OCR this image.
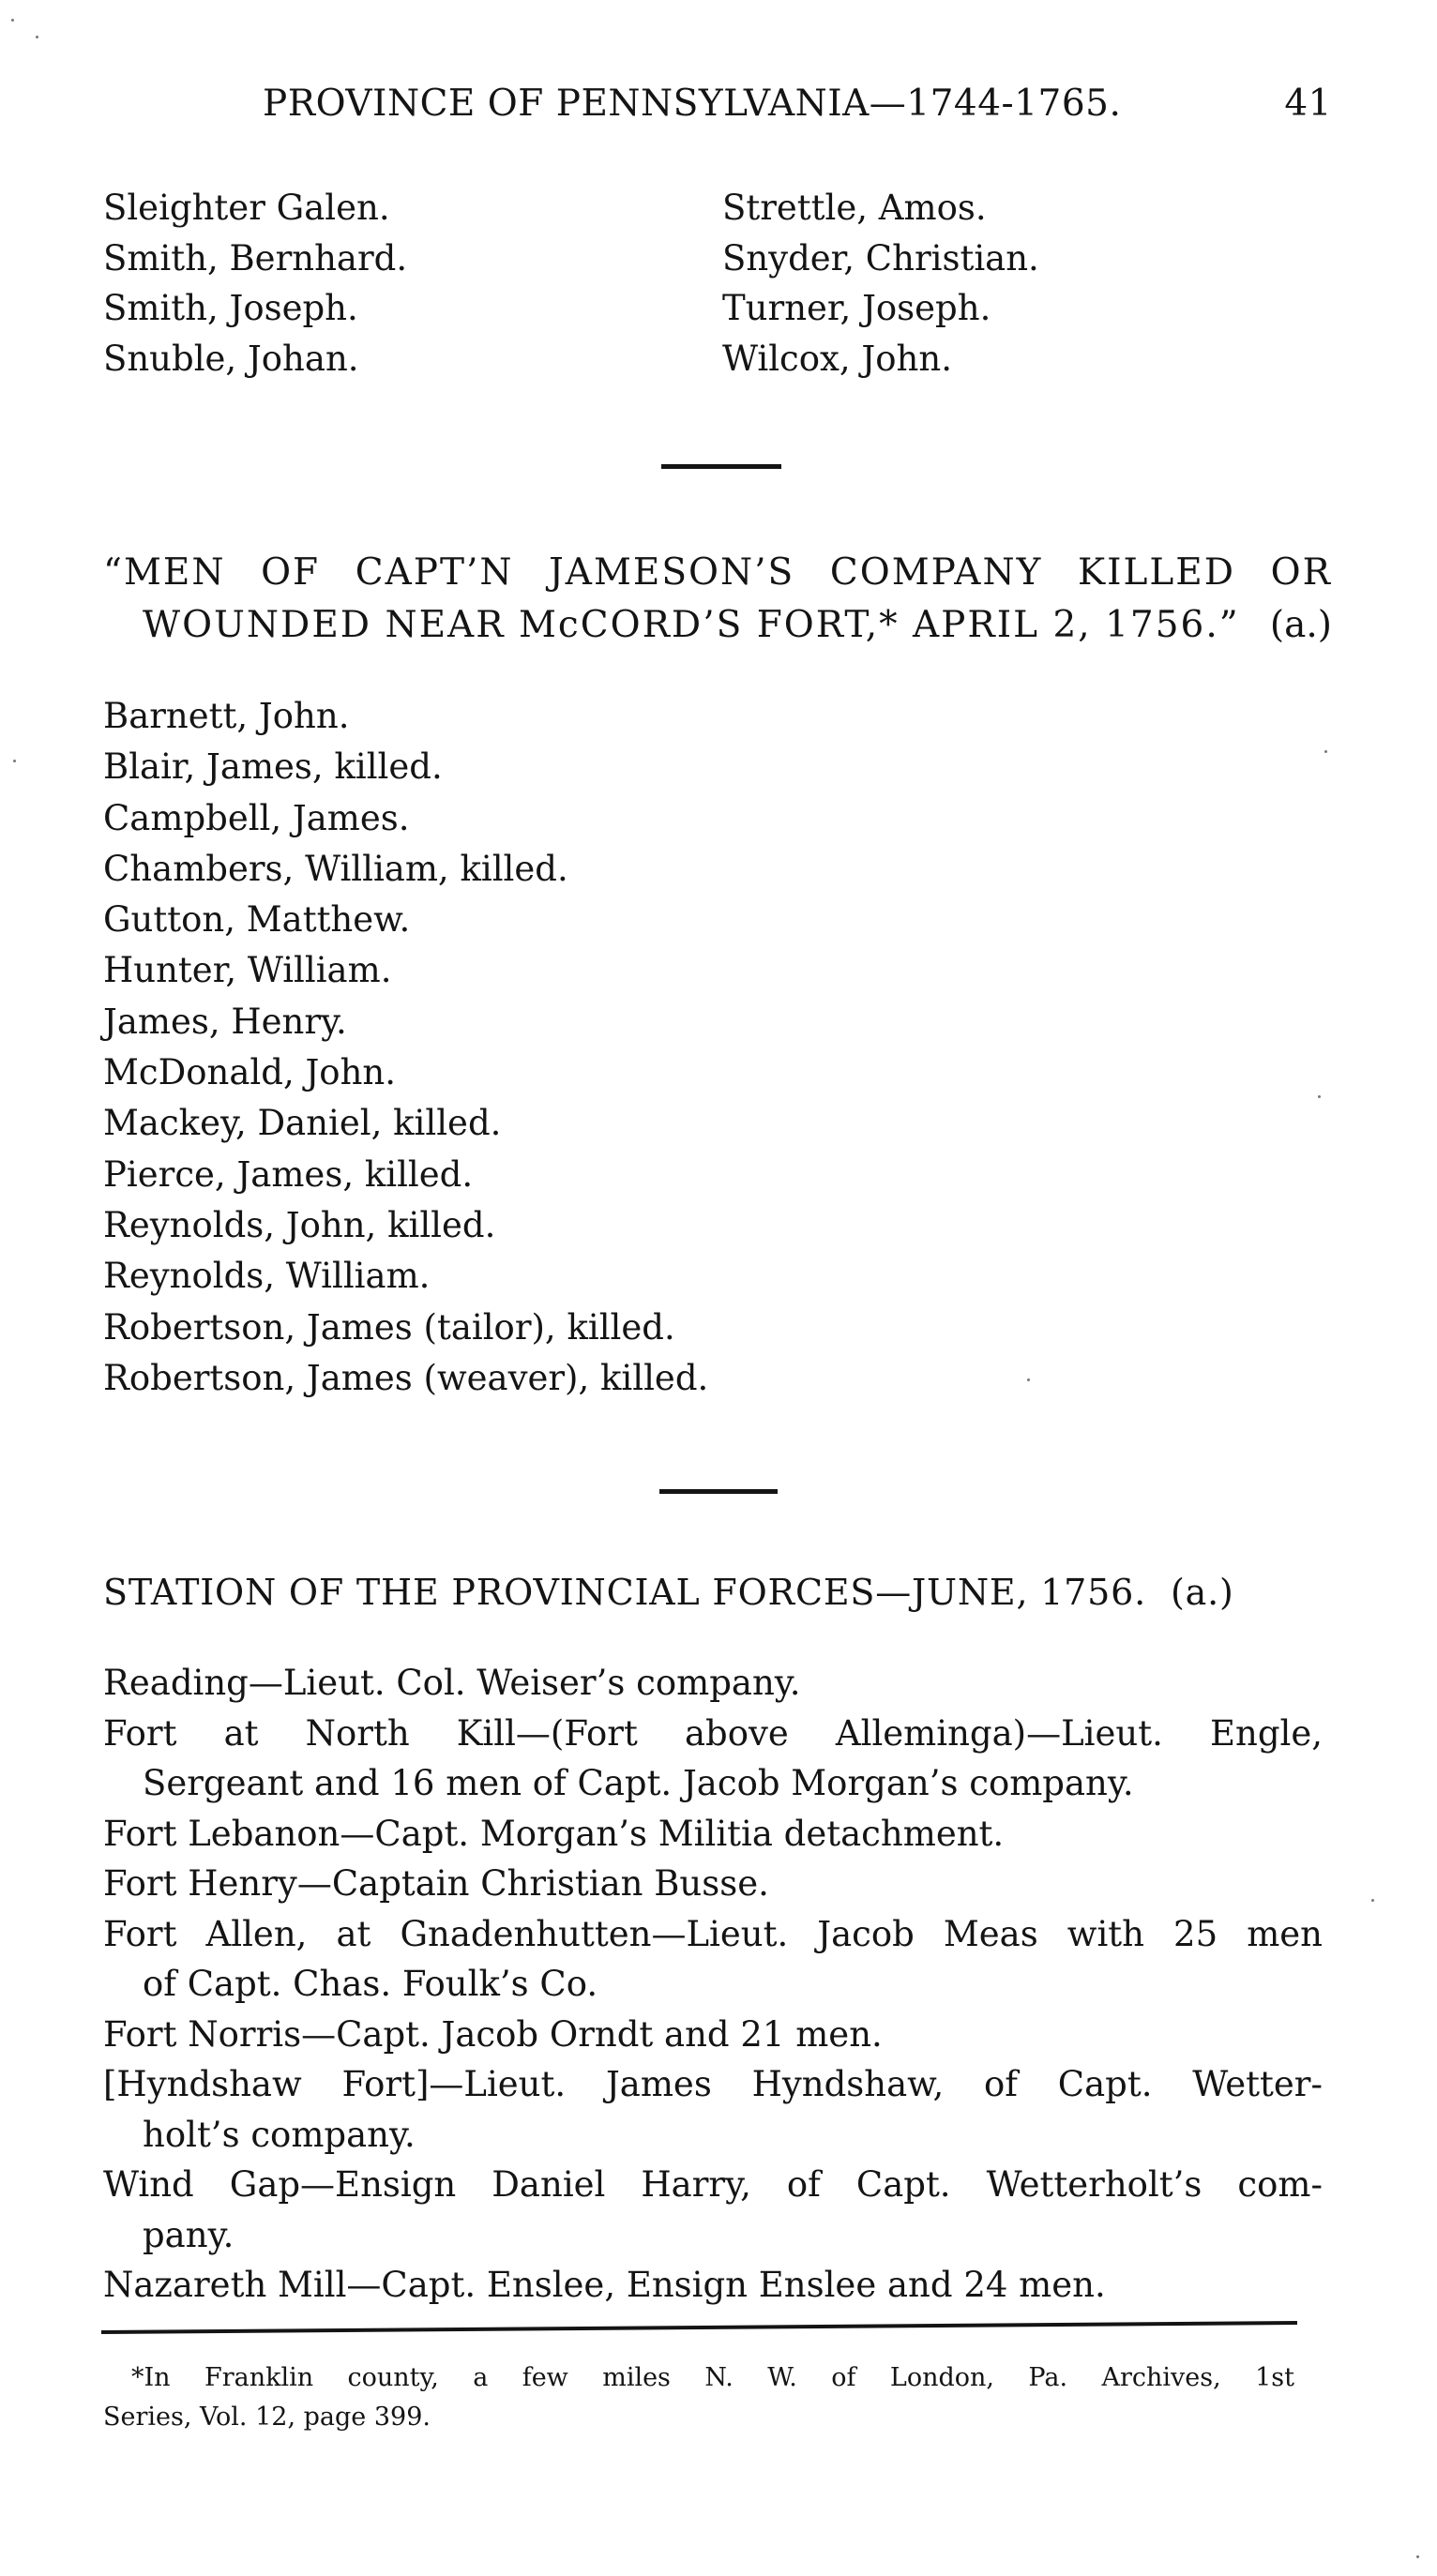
PROVINCE OF PENNSYLVANIA—1744-1765.	41
Sleighter Galen.
Smith, Bernhard.
Smith, Joseph.
Snuble, Johan.
Strettle, Amos.
Snyder, Christian.
Turner, Joseph.
Wilcox, John.
“MEN OF CAPT’N JAMESON’S COMPANY KILLED OR
WOUNDED NEAR McCORD’S FORT,* APRIL 2, 1756.” (a.)
Barnett, John.
Blair, James, killed.
Campbell, James.
Chambers, William, killed.
Gutton, Matthew.
Hunter, William.
James, Henry.
McDonald, John.
Mackey, Daniel, killed.
Pierce, James, killed.
Reynolds, John, killed.
Reynolds, William.
Robertson, James (tailor), killed.
Robertson, James (weaver), killed.
STATION OF THE PROVINCIAL FORCES—JUNE, 1756. (a.)
Reading—Lieut. Col. Weiser’s company.
Fort at North Kill—(Fort above Alleminga)—Lieut. Engle,
Sergeant and 16 men of Capt. Jacob Morgan’s company.
Fort Lebanon—Capt. Morgan’s Militia detachment.
Fort Henry—Captain Christian Busse.
Fort Allen, at Gnadenhutten—Lieut. Jacob Meas with 25 men
of Capt. Chas. Foulk’s Co.
Fort Norris—Capt. Jacob Orndt and 21 men.
[Hyndshaw Fort]—Lieut. James Hyndshaw, of Capt. Wetter-
holt’s company.
Wind Gap—Ensign Daniel Harry, of Capt. Wetterholt’s com-
pany.
Nazareth Mill—Capt. Enslee, Ensign Enslee and 24 men.
*In Franklin county, a few miles N. W. of London, Pa. Archives, 1st
Series, Vol. 12, page 399.
